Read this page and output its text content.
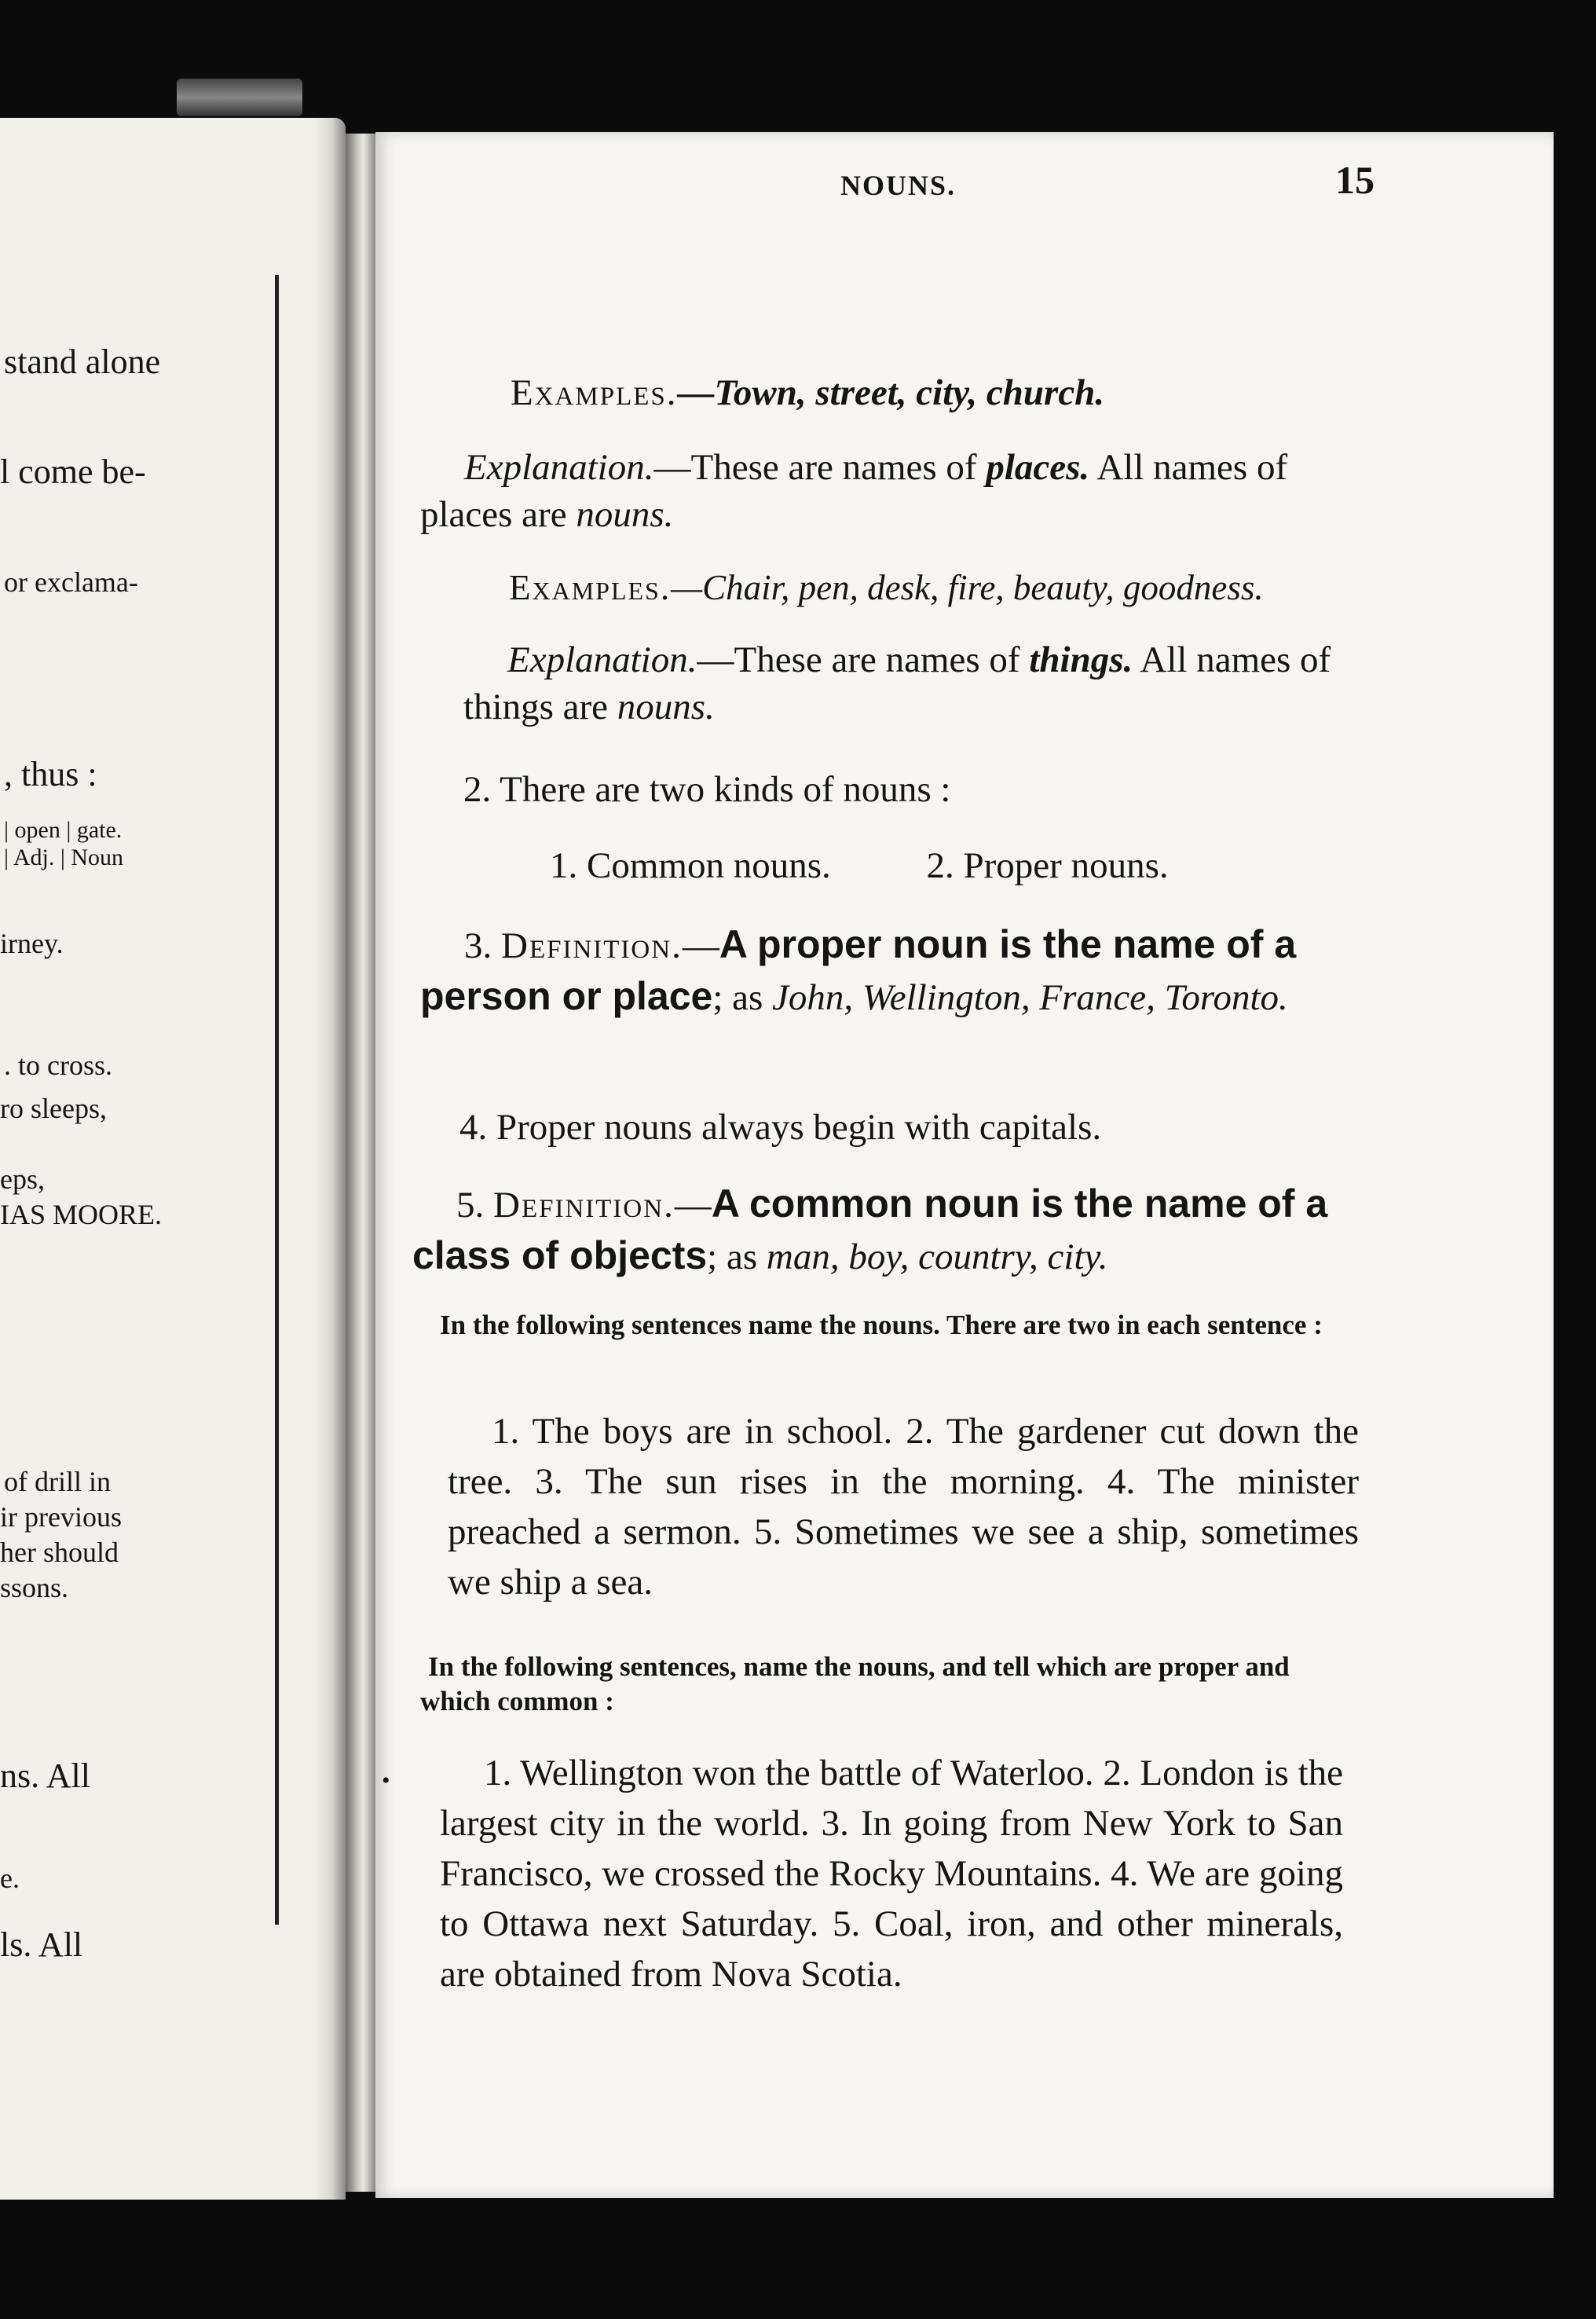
stand alone
l come be-
or exclama-
, thus :
| open | gate.
| Adj. | Noun
irney.
. to cross.
ro sleeps,
eps,
IAS MOORE.
of drill in
ir previous
her should
ssons.
ns. All
e.
ls. All
NOUNS.	15

Examples.—Town, street, city, church.

Explanation.—These are names of places. All names of places are nouns.

Examples.—Chair, pen, desk, fire, beauty, goodness.

Explanation.—These are names of things. All names of things are nouns.

2. There are two kinds of nouns :

1. Common nouns.	2. Proper nouns.

3. Definition.—A proper noun is the name of a person or place; as John, Wellington, France, Toronto.

4. Proper nouns always begin with capitals.

5. Definition.—A common noun is the name of a class of objects; as man, boy, country, city.

In the following sentences name the nouns. There are two in each sentence :
1. The boys are in school. 2. The gardener cut down the tree. 3. The sun rises in the morning. 4. The minister preached a sermon. 5. Sometimes we see a ship, sometimes we ship a sea.
In the following sentences, name the nouns, and tell which are proper and which common :
1. Wellington won the battle of Waterloo. 2. London is the largest city in the world. 3. In going from New York to San Francisco, we crossed the Rocky Mountains. 4. We are going to Ottawa next Saturday. 5. Coal, iron, and other minerals, are obtained from Nova Scotia.
•
